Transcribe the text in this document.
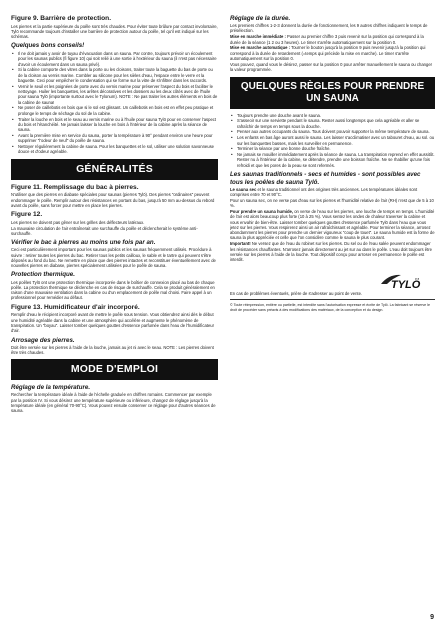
Figure 9. Barrière de protection.

Les pierres et la partie supérieure du poêle sont très chaudes. Pour éviter toute brûlure par contact involontaire, Tylö recommande toujours d'installer une barrière de protection autour du poêle, tel qu'il est indiqué sur les schémas.

Quelques bons conseils!
• Il ne doit jamais y avoir de tuyau d'évacuation dans un sauna. Par contre, toujours prévoir un écoulement pour les saunas publics (fi figure 10) qui soit relié à une sortie à l'extérieur du sauna (il n'est pas nécessaire d'avoir un écoulement dans un sauna privé).
• Si la cabine comporte des vitres dans la porte ou les cloisons, traiter toute la baguette du bas de porte ou de la cloison au vernis marine. Combler au silicone pour les sièles d'eau, l'espace entre le verre et la baguette. Ceci pour empêcher le condensation qui se forme sur la vitre de s'infiltrer dans les raccords.
• Vernir le seuil et les poignées de porte avec du vernis marine pour préserver l'aspect du bois et faciliter le nettoyage. Huiler les banquettes, les arêtes décoratives et les dossiers au les deux côtés avec de l'huile pour sauna Tylö (importante surtout avec le Tylonum). NOTE : Ne pas traiter les autres éléments en bois de la cabine de sauna!
• Ne poser de caillebotis en bois que si le sol est glissant. Un caillebotis en bois est en effet peu pratique et prolonge le temps de séchage du sol de la cabine.
• Traiter la louche en bois et le seau au vernis marine ou à l'huile pour sauna Tylö pour en conserver l'aspect du bois et l'étanchéité. Ne jamais laisser la louche en bois à l'intérieur de la cabine après la séance de sauna.
• Avant la première mise en service du sauna, porter la température à 90° pendant environ une heure pour supprimer "l'odeur de neuf" du poêle de sauna.
• Nettoyer régulièrement la cabine de sauna. Pour les banquettes et le sol, utiliser une solution savonneuse douce et d'odeur agréable.
GÉNÉRALITÉS
Figure 11. Remplissage du bac à pierres.

N'utiliser que des pierres en diabase spéciales pour saunas (pierres Tylö). Des pierres "ordinaires" peuvent endommager le poêle. Remplir autour des résistances en portant du bas, jusqu'à 50 mm au-dessus du rebord avant du poêle, sans forcer pour mettre en place les pierres.

Figure 12.

Les pierres ne doivent pas gêner sur les grilles des déflecteurs latéraux.

La mauvaise circulation de l'air entraînerait une surchauffe du poêle et déclencherait le système anti-surchauffe.

Vérifier le bac à pierres au moins une fois par an.

Ceci est particulièrement important pour les saunas publics et les saunas fréquemment utilisés. Procédure à suivre : retirer toutes les pierres du bac. Retirer tous les petits cailloux, le sable et le tartre qui peuvent s'être déposés au fond du bac. Ne remettre en place que des pierres intactes et reconstituer éventuellement avec de nouvelles pierres en diabase, pierres spécialement utilisées pour le poêle de sauna.

Protection thermique.

Les poêles Tylö ont une protection thermique incorporée dans le boîtier de connexion placé au bas de chaque poêle. La protection thermique se déclenche en cas de risque de surchauffe. Cela se produit généralement en raison d'une mauvaise ventilation dans la cabine ou d'un emplacement de poêle mal choisi. Faire appel à un professionnel pour remédier au défaut.

Figure 13. Humidificateur d'air incorporé.

Remplir d'eau le récipient incorporé avant de mettre le poêle sous tension. Vous obtiendrez ainsi dès le début une humidité agréable dans la cabine et une atmosphère qui accélère et augmente le phénomène de transpiration. Un "boyau". Laisser tomber quelques gouttes d'essence parfumée dans l'eau de l'humidificateur d'air.

Arrosage des pierres.

Doit être versée sur les pierres à l'aide de la louche, jamais au jet ni avec le seau. NOTE : Les pierres doivent être très chaudes.

MODE D'EMPLOI
Réglage de la température.

Rechercher la température idéale à l'aide de l'échelle graduée en chiffres romains. Commencer par exemple par la position IV. Si vous désirez une température supérieure ou inférieure, changez de réglage jusqu'à la température idéale (en général 70-90°C). Vous pouvez ensuite conserver ce réglage pour d'autres séances de sauna.

Réglage de la durée.

Les premiers chiffres 1-2-3 donnent la durée de fonctionnement, les 9 autres chiffres indiquent le temps de présélection.

Mise en marche immédiate : Passer au premier chiffre 3 puis revenir sur la position qui correspond à la durée de la séance (1 2 ou 3 heures). Le timer s'arrête automatiquement sur la position 0.

Mise en marche automatique : Tourner le bouton jusqu'à la position 9 puis revenir jusqu'à la position qui correspond à la durée de retardement (=temps qui précède la mise en marche). Le timer s'arrête automatiquement sur la position 0.

Vous pouvez, quand vous le désirez, passer sur la position 0 pour arrêter manuellement le sauna ou changer la valeur programmée.

QUELQUES RÈGLES POUR PRENDRE UN SAUNA
• Toujours prendre une douche avant le sauna.
• S'asseoir sur une serviette pendant le sauna. Rester aussi longtemps que cela agréable et aller se rafraîchir de temps en temps sous la douche.
• Penser aux autres occupants du sauna. Tous doivent pouvoir supporter la même température de sauna.
• Les enfants en bas âge auront aussi le sauna. Les laisser s'acclimatiser avec un tabouret d'eau, au sol. ou sur les banquettes basses, mais les surveiller en permanence.
• Terminer la séance par une bonne douche fraîche.
• Ne jamais se mouiller immédiatement après la séance de sauna. La transpiration reprend en effet aussitôt. Rester nu à l'intérieur de la cabine, se détendre, prendre une boisson fraîche. Ne se rhabiller qu'une fois refroidi et que les pores de la peau se sont refermés.
Les saunas traditionnels - secs et humides - sont possibles avec tous les poêles de sauna Tylö.

Le sauna sec et le sauna traditionnel ont des origines très anciennes. Les températures idéales sont comprises entre 70 et 90°C.

Pour un sauna sec, on ne verse pas d'eau sur les pierres et l'humidité relative de l'air (RH) n'est que de 5 à 10 %.

Pour prendre un sauna humide, on verse de l'eau sur les pierres, une louche de temps en temps. L'humidité de l'air est alors beaucoup plus forte (10 à 25 %). Vous sentez les ondes de chaleur traverser la cabine et vous envahir de bien-être. Laisser tomber quelques gouttes d'essence parfumée Tylö dans l'eau que vous jetez sur les pierres. Vous respirerez ainsi un air rafraîchissant et agréable. Pour terminer la séance, arrosez abondamment les pierres pour prendre un dernier vigoureux "coup de touet". Le sauna humide est la forme de sauna la plus appréciée et celle que l'on considère comme le sauna le plus courant.

Important! Ne versez que de l'eau du robinet sur les pierres. Du sel ou de l'eau salée peuvent endommager les résistances chauffantes. N'arrosez jamais directement au jet sur au dans le poêle. L'eau doit toujours être versée sur les pierres à l'aide de la louche. Tout dépositif conçu pour arroser en permanence le poêle est interdit.

TYLÖ

En cas de problèmes éventuels, prière de s'adresser au point de vente.

© Toute réimpression, entière ou partielle, est interdite sans l'autorisation expresse et écrite de Tylö. La fabricant se réserve le droit de procéder sans préavis à des modifications des matériaux, de la conception et du design.

9
